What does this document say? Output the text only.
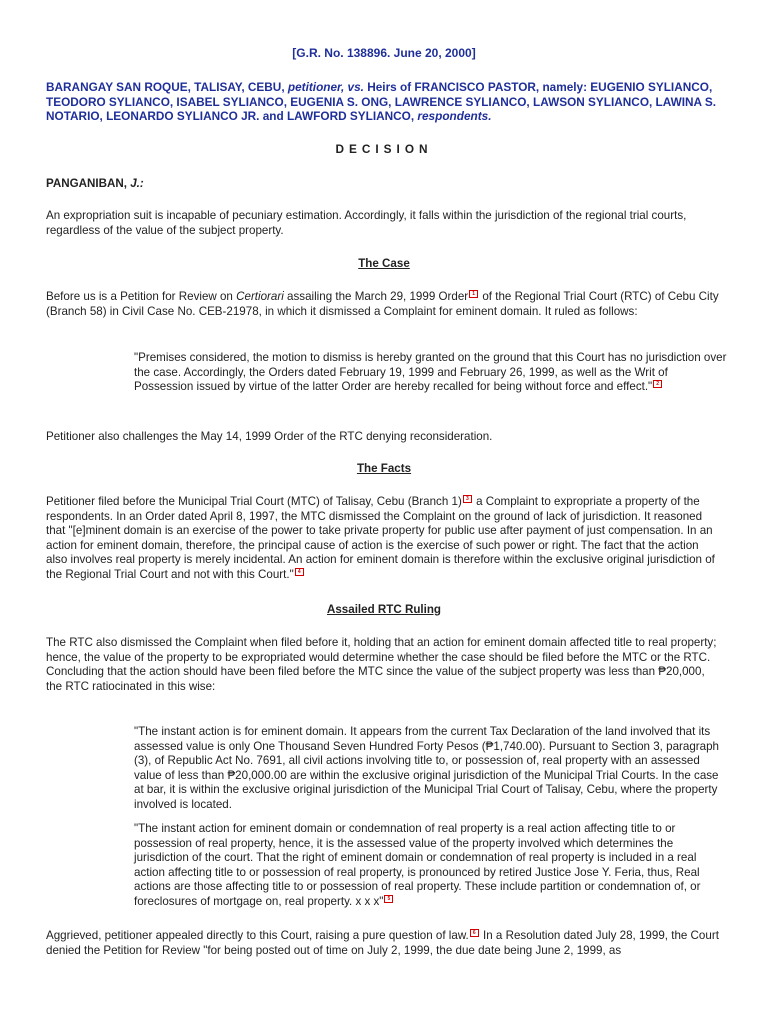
[G.R. No. 138896. June 20, 2000]
BARANGAY SAN ROQUE, TALISAY, CEBU, petitioner, vs. Heirs of FRANCISCO PASTOR, namely: EUGENIO SYLIANCO, TEODORO SYLIANCO, ISABEL SYLIANCO, EUGENIA S. ONG, LAWRENCE SYLIANCO, LAWSON SYLIANCO, LAWINA S. NOTARIO, LEONARDO SYLIANCO JR. and LAWFORD SYLIANCO, respondents.
DECISION
PANGANIBAN, J.:

An expropriation suit is incapable of pecuniary estimation. Accordingly, it falls within the jurisdiction of the regional trial courts, regardless of the value of the subject property.

The Case

Before us is a Petition for Review on Certiorari assailing the March 29, 1999 Order 1 of the Regional Trial Court (RTC) of Cebu City (Branch 58) in Civil Case No. CEB-21978, in which it dismissed a Complaint for eminent domain. It ruled as follows:

"Premises considered, the motion to dismiss is hereby granted on the ground that this Court has no jurisdiction over the case. Accordingly, the Orders dated February 19, 1999 and February 26, 1999, as well as the Writ of Possession issued by virtue of the latter Order are hereby recalled for being without force and effect." 2

Petitioner also challenges the May 14, 1999 Order of the RTC denying reconsideration.

The Facts

Petitioner filed before the Municipal Trial Court (MTC) of Talisay, Cebu (Branch 1) 3 a Complaint to expropriate a property of the respondents. In an Order dated April 8, 1997, the MTC dismissed the Complaint on the ground of lack of jurisdiction. It reasoned that "[e]minent domain is an exercise of the power to take private property for public use after payment of just compensation. In an action for eminent domain, therefore, the principal cause of action is the exercise of such power or right. The fact that the action also involves real property is merely incidental. An action for eminent domain is therefore within the exclusive original jurisdiction of the Regional Trial Court and not with this Court." 4

Assailed RTC Ruling

The RTC also dismissed the Complaint when filed before it, holding that an action for eminent domain affected title to real property; hence, the value of the property to be expropriated would determine whether the case should be filed before the MTC or the RTC. Concluding that the action should have been filed before the MTC since the value of the subject property was less than ₱20,000, the RTC ratiocinated in this wise:

"The instant action is for eminent domain. It appears from the current Tax Declaration of the land involved that its assessed value is only One Thousand Seven Hundred Forty Pesos (₱1,740.00). Pursuant to Section 3, paragraph (3), of Republic Act No. 7691, all civil actions involving title to, or possession of, real property with an assessed value of less than ₱20,000.00 are within the exclusive original jurisdiction of the Municipal Trial Courts. In the case at bar, it is within the exclusive original jurisdiction of the Municipal Trial Court of Talisay, Cebu, where the property involved is located.

"The instant action for eminent domain or condemnation of real property is a real action affecting title to or possession of real property, hence, it is the assessed value of the property involved which determines the jurisdiction of the court. That the right of eminent domain or condemnation of real property is included in a real action affecting title to or possession of real property, is pronounced by retired Justice Jose Y. Feria, thus, Real actions are those affecting title to or possession of real property. These include partition or condemnation of, or foreclosures of mortgage on, real property. x x x" 5

Aggrieved, petitioner appealed directly to this Court, raising a pure question of law. 6 In a Resolution dated July 28, 1999, the Court denied the Petition for Review "for being posted out of time on July 2, 1999, the due date being June 2, 1999, as
